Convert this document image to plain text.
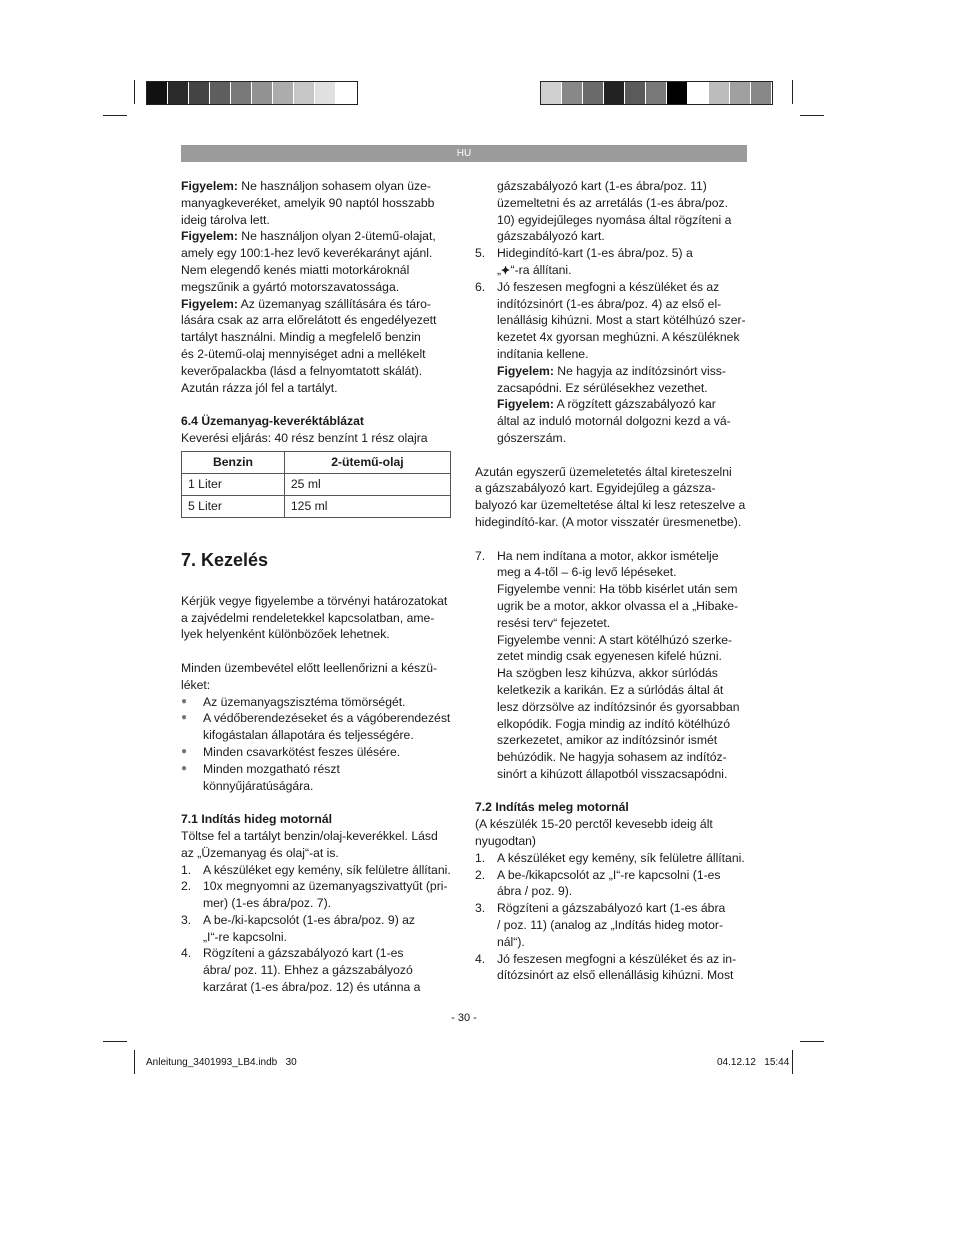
HU

Figyelem: Ne használjon sohasem olyan üze-

manyagkeveréket, amelyik 90 naptól hosszabb

ideig tárolva lett.

Figyelem: Ne használjon olyan 2-ütemű-olajat,

amely egy 100:1-hez levő keverékarányt ajánl.

Nem elegendő kenés miatti motorkároknál

megszűnik a gyártó motorszavatossága.

Figyelem: Az üzemanyag szállítására és táro-

lására csak az arra előrelátott és engedélyezett

tartályt használni. Mindig a megfelelő benzin

és 2-ütemű-olaj mennyiséget adni a mellékelt

keverőpalackba (lásd a felnyomtatott skálát).

Azután rázza jól fel a tartályt.

6.4 Üzemanyag-keveréktáblázat

Keverési eljárás: 40 rész benzínt 1 rész olajra

Benzin	2-ütemű-olaj
1 Liter	25 ml
5 Liter	125 ml

7. Kezelés

Kérjük vegye figyelembe a törvényi határozatokat

a zajvédelmi rendeletekkel kapcsolatban, ame-

lyek helyenként különbözőek lehetnek.

Minden üzembevétel előtt leellenőrizni a készü-

léket:

●	Az üzemanyagszisztéma tömörségét.

●	A védőberendezéseket és a vágóberendezést

kifogástalan állapotára és teljességére.

●	Minden csavarkötést feszes ülésére.

●	Minden mozgatható részt

könnyűjáratúságára.

7.1 Indítás hideg motornál

Töltse fel a tartályt benzin/olaj-keverékkel. Lásd

az „Üzemanyag és olaj“-at is.

1. A készüléket egy kemény, sík felületre állítani.

2. 10x megnyomni az üzemanyagszivattyűt (pri-

mer) (1-es ábra/poz. 7).

3. A be-/ki-kapcsolót (1-es ábra/poz. 9) az

„I“-re kapcsolni.

4. Rögzíteni a gázszabályozó kart (1-es

ábra/ poz. 11). Ehhez a gázszabályozó

karzárat (1-es ábra/poz. 12) és utánna a

gázszabályozó kart (1-es ábra/poz. 11)

üzemeltetni és az arretálás (1-es ábra/poz.

10) egyidejűleges nyomása által rögzíteni a

gázszabályozó kart.

5. Hidegindító-kart (1-es ábra/poz. 5) a

„⯌“-ra állítani.

6. Jó feszesen megfogni a készüléket és az

indítózsinórt (1-es ábra/poz. 4) az első el-

lenállásig kihúzni. Most a start kötélhúzó szer-

kezetet 4x gyorsan meghúzni. A készüléknek

indítania kellene.

Figyelem: Ne hagyja az indítózsinórt viss-

zacsapódni. Ez sérülésekhez vezethet.

Figyelem: A rögzített gázszabályozó kar

által az induló motornál dolgozni kezd a vá-

gószerszám.

Azután egyszerű üzemeletetés által kireteszelni

a gázszabályozó kart. Egyidejűleg a gázsza-

balyozó kar üzemeltetése által ki lesz reteszelve a

hidegindító-kar. (A motor visszatér üresmenetbe).

7. Ha nem indítana a motor, akkor ismételje

meg a 4-től – 6-ig levő lépéseket.

Figyelembe venni: Ha több kisérlet után sem

ugrik be a motor, akkor olvassa el a „Hibake-

resési terv“ fejezetet.

Figyelembe venni: A start kötélhúzó szerke-

zetet mindig csak egyenesen kifelé húzni.

Ha szögben lesz kihúzva, akkor súrlódás

keletkezik a karikán. Ez a súrlódás által át

lesz dörzsölve az indítózsinór és gyorsabban

elkopódik. Fogja mindig az indító kötélhúzó

szerkezetet, amikor az indítózsinór ismét

behúzódik. Ne hagyja sohasem az indítóz-

sinórt a kihúzott állapotból visszacsapódni.

7.2 Indítás meleg motornál

(A készülék 15-20 perctől kevesebb ideig ált

nyugodtan)

1. A készüléket egy kemény, sík felületre állítani.

2. A be-/kikapcsolót az „I“-re kapcsolni (1-es

ábra / poz. 9).

3. Rögzíteni a gázszabályozó kart (1-es ábra

/ poz. 11) (analog az „Indítás hideg motor-

nál“).

4. Jó feszesen megfogni a készüléket és az in-

dítózsinórt az első ellenállásig kihúzni. Most

- 30 -
Anleitung_3401993_LB4.indb   30	04.12.12   15:44
